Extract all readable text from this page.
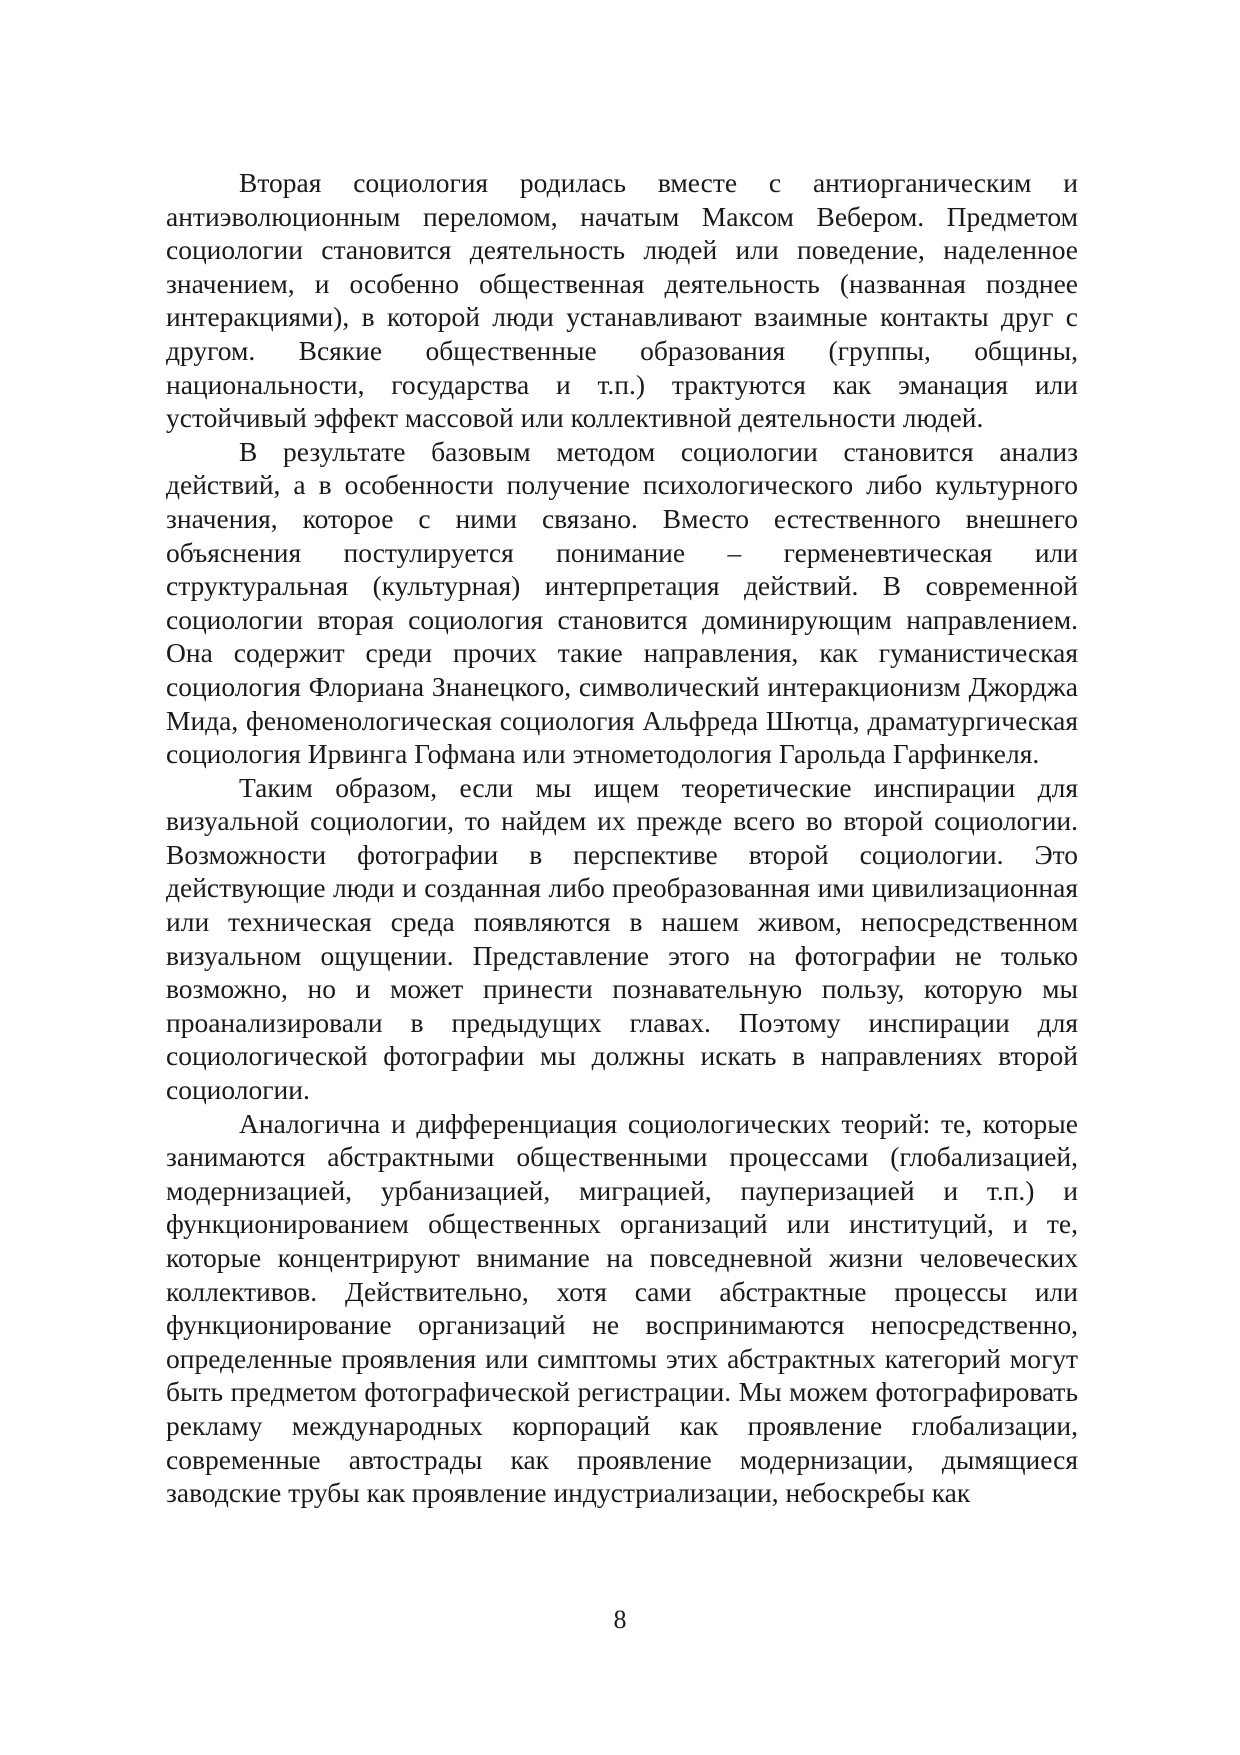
Вторая социология родилась вместе с антиорганическим и антиэволюционным переломом, начатым Максом Вебером. Предметом социологии становится деятельность людей или поведение, наделенное значением, и особенно общественная деятельность (названная позднее интеракциями), в которой люди устанавливают взаимные контакты друг с другом. Всякие общественные образования (группы, общины, национальности, государства и т.п.) трактуются как эманация или устойчивый эффект массовой или коллективной деятельности людей.

В результате базовым методом социологии становится анализ действий, а в особенности получение психологического либо культурного значения, которое с ними связано. Вместо естественного внешнего объяснения постулируется понимание – герменевтическая или структуральная (культурная) интерпретация действий. В современной социологии вторая социология становится доминирующим направлением. Она содержит среди прочих такие направления, как гуманистическая социология Флориана Знанецкого, символический интеракционизм Джорджа Мида, феноменологическая социология Альфреда Шютца, драматургическая социология Ирвинга Гофмана или этнометодология Гарольда Гарфинкеля.

Таким образом, если мы ищем теоретические инспирации для визуальной социологии, то найдем их прежде всего во второй социологии. Возможности фотографии в перспективе второй социологии. Это действующие люди и созданная либо преобразованная ими цивилизационная или техническая среда появляются в нашем живом, непосредственном визуальном ощущении. Представление этого на фотографии не только возможно, но и может принести познавательную пользу, которую мы проанализировали в предыдущих главах. Поэтому инспирации для социологической фотографии мы должны искать в направлениях второй социологии.

Аналогична и дифференциация социологических теорий: те, которые занимаются абстрактными общественными процессами (глобализацией, модернизацией, урбанизацией, миграцией, пауперизацией и т.п.) и функционированием общественных организаций или институций, и те, которые концентрируют внимание на повседневной жизни человеческих коллективов. Действительно, хотя сами абстрактные процессы или функционирование организаций не воспринимаются непосредственно, определенные проявления или симптомы этих абстрактных категорий могут быть предметом фотографической регистрации. Мы можем фотографировать рекламу международных корпораций как проявление глобализации, современные автострады как проявление модернизации, дымящиеся заводские трубы как проявление индустриализации, небоскребы как

8
